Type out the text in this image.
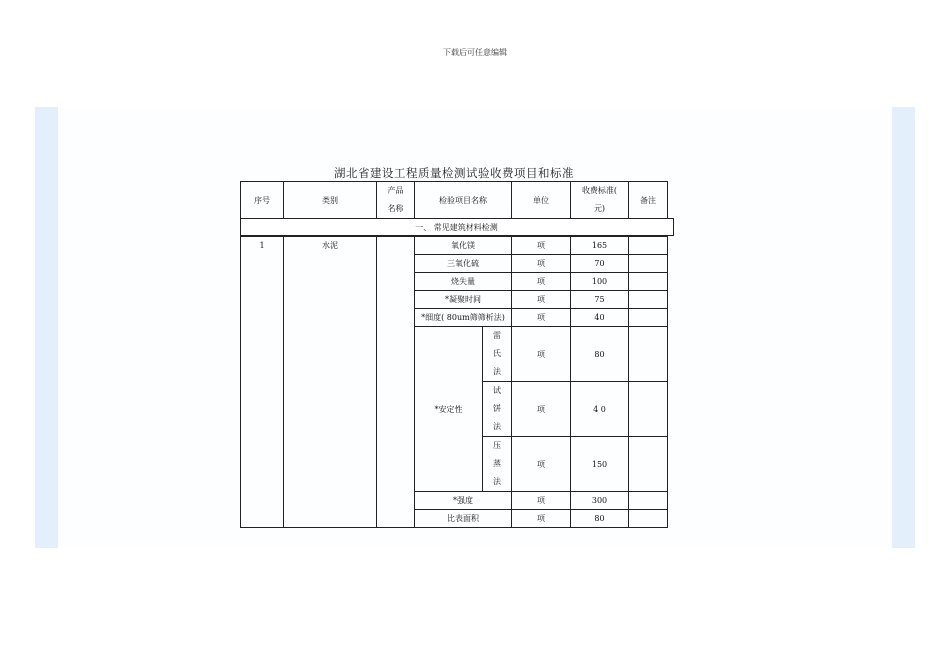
下载后可任意编辑
湖北省建设工程质量检测试验收费项目和标准
序号	类别	产品
名称	检验项目名称		单位	收费标准(
元)	备注

一、 常见建筑材料检测							

1	水泥		氧化镁		项	165	
			三氧化硫		项	70	
			烧失量		项	100	
			*凝聚时间		项	75	
			*细度( 80um筛筛析法)		项	40	
			*安定性	雷
氏
法	项	80	

				试
饼
法	项	4 0	

				压
蒸
法	项	150	
			*强度		项	300	
			比表面积		项	80	
